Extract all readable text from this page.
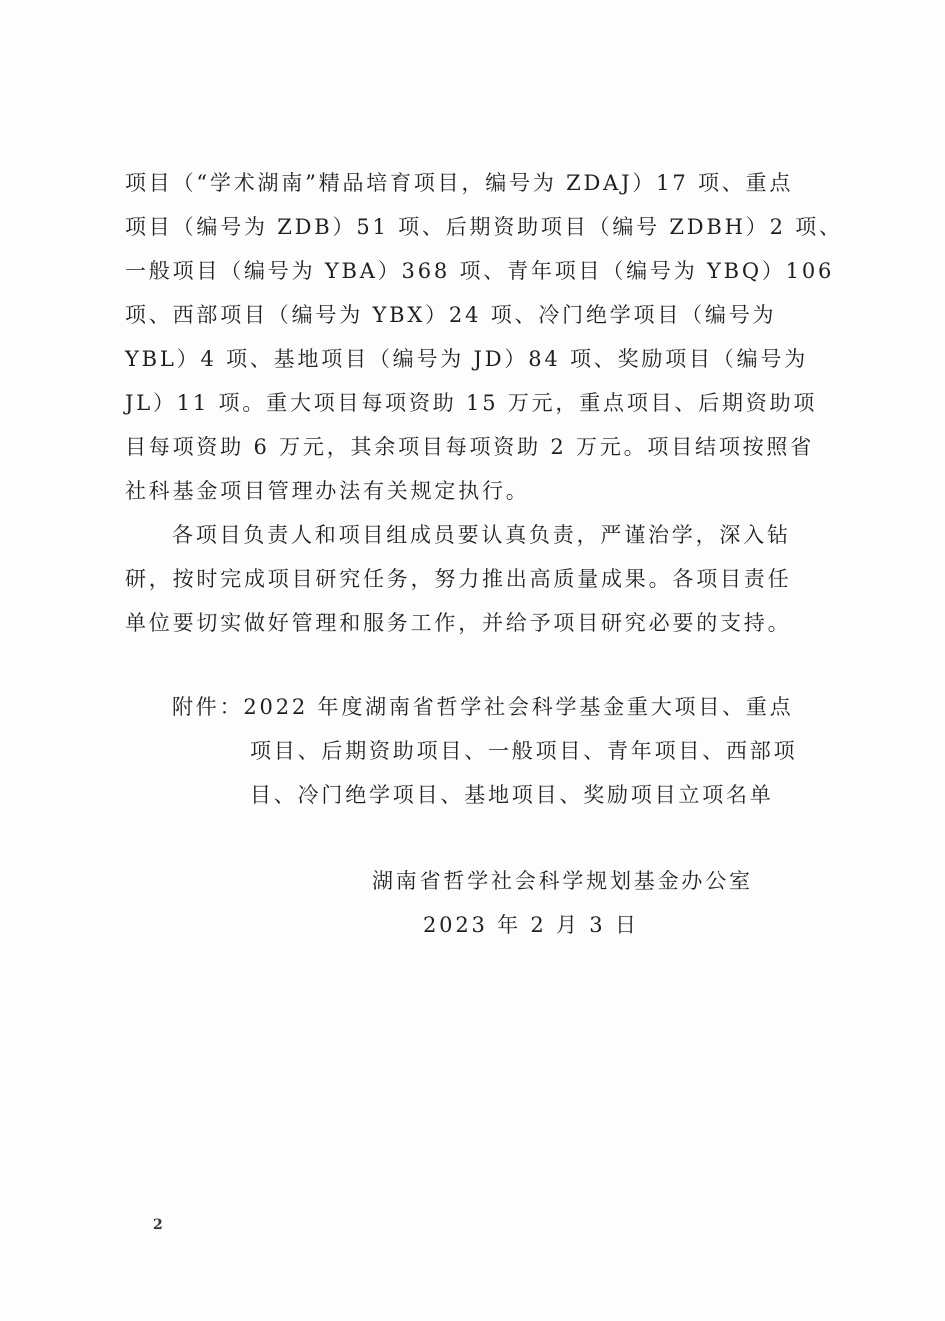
项目（“学术湖南”精品培育项目，编号为 ZDAJ）17 项、重点
项目（编号为 ZDB）51 项、后期资助项目（编号 ZDBH）2 项、
一般项目（编号为 YBA）368 项、青年项目（编号为 YBQ）106
项、西部项目（编号为 YBX）24 项、冷门绝学项目（编号为
YBL）4 项、基地项目（编号为 JD）84 项、奖励项目（编号为
JL）11 项。重大项目每项资助 15 万元，重点项目、后期资助项
目每项资助 6 万元，其余项目每项资助 2 万元。项目结项按照省
社科基金项目管理办法有关规定执行。
各项目负责人和项目组成员要认真负责，严谨治学，深入钻
研，按时完成项目研究任务，努力推出高质量成果。各项目责任
单位要切实做好管理和服务工作，并给予项目研究必要的支持。
附件：2022 年度湖南省哲学社会科学基金重大项目、重点
项目、后期资助项目、一般项目、青年项目、西部项
目、冷门绝学项目、基地项目、奖励项目立项名单
湖南省哲学社会科学规划基金办公室
2023 年 2 月 3 日
2
